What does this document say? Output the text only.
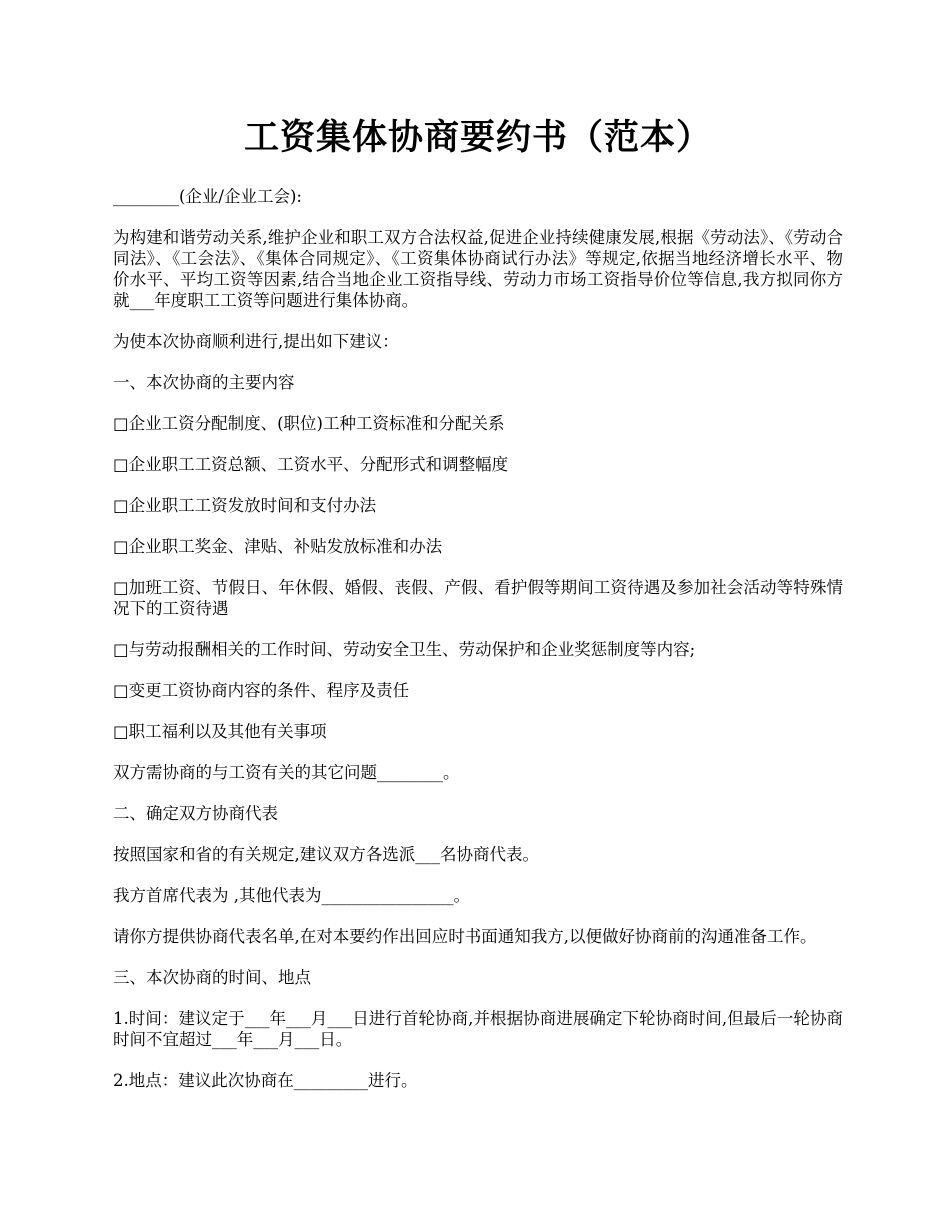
工资集体协商要约书（范本）

________(企业/企业工会):

为构建和谐劳动关系,维护企业和职工双方合法权益,促进企业持续健康发展,根据《劳动法》、《劳动合同法》、《工会法》、《集体合同规定》、《工资集体协商试行办法》等规定,依据当地经济增长水平、物价水平、平均工资等因素,结合当地企业工资指导线、劳动力市场工资指导价位等信息,我方拟同你方就___年度职工工资等问题进行集体协商。

为使本次协商顺利进行,提出如下建议：

一、本次协商的主要内容

□企业工资分配制度、(职位)工种工资标准和分配关系

□企业职工工资总额、工资水平、分配形式和调整幅度

□企业职工工资发放时间和支付办法

□企业职工奖金、津贴、补贴发放标准和办法

□加班工资、节假日、年休假、婚假、丧假、产假、看护假等期间工资待遇及参加社会活动等特殊情况下的工资待遇

□与劳动报酬相关的工作时间、劳动安全卫生、劳动保护和企业奖惩制度等内容;

□变更工资协商内容的条件、程序及责任

□职工福利以及其他有关事项

双方需协商的与工资有关的其它问题________。

二、确定双方协商代表

按照国家和省的有关规定,建议双方各选派___名协商代表。

我方首席代表为 ,其他代表为________________。

请你方提供协商代表名单,在对本要约作出回应时书面通知我方,以便做好协商前的沟通准备工作。

三、本次协商的时间、地点

1.时间：建议定于___年___月___日进行首轮协商,并根据协商进展确定下轮协商时间,但最后一轮协商时间不宜超过___年___月___日。

2.地点：建议此次协商在_________进行。
